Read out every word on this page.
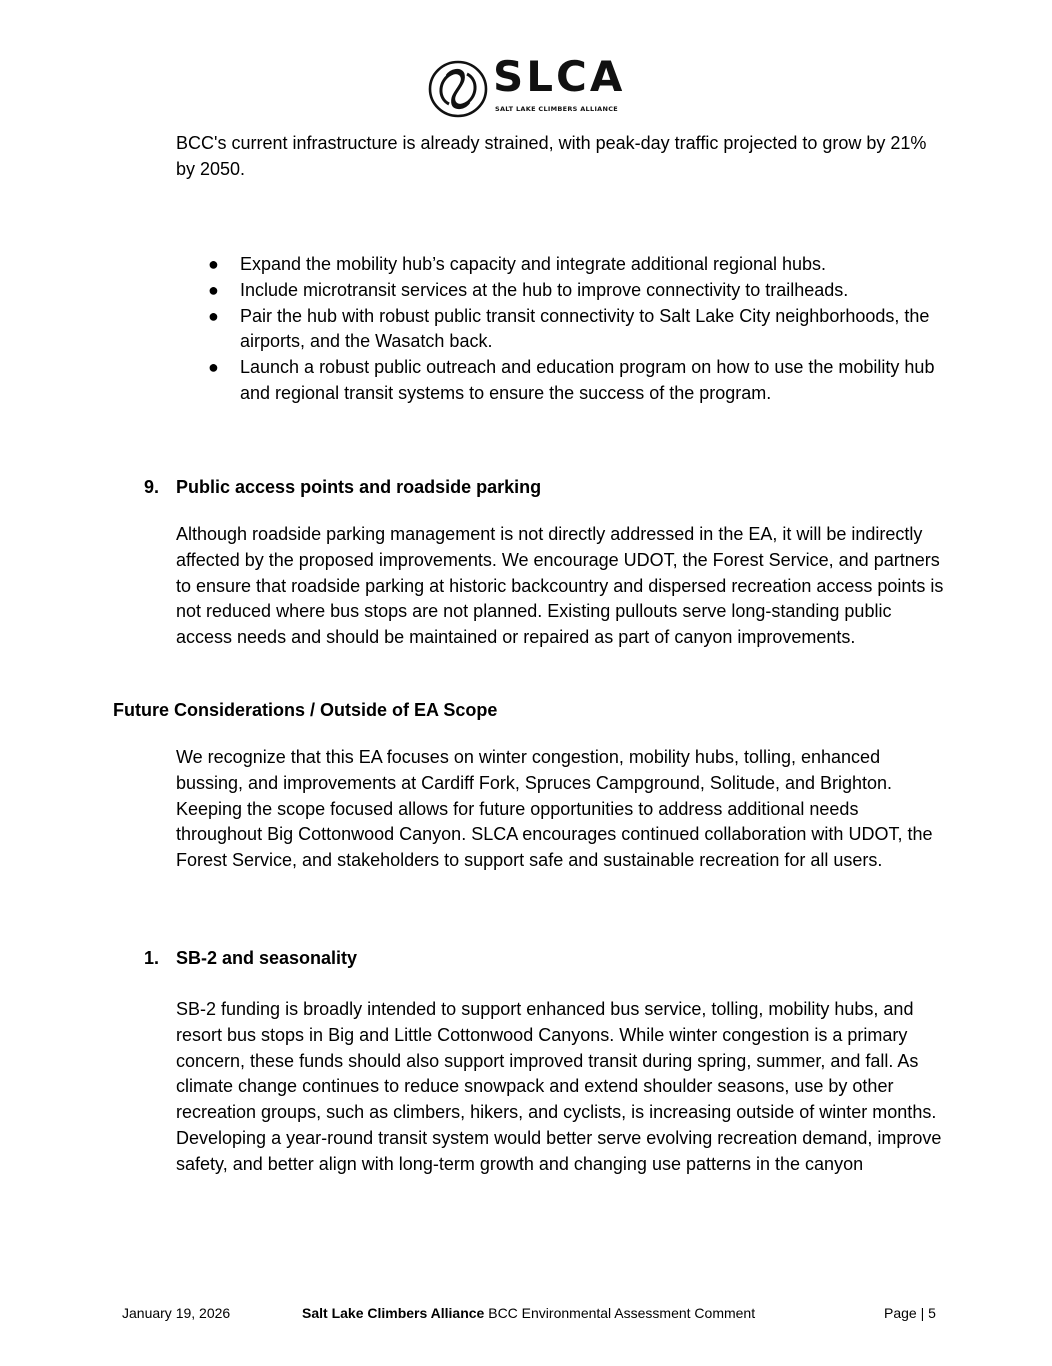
SLCA
SALT LAKE CLIMBERS ALLIANCE

BCC's current infrastructure is already strained, with peak-day traffic projected to grow by 21% by 2050.

● Expand the mobility hub’s capacity and integrate additional regional hubs.
● Include microtransit services at the hub to improve connectivity to trailheads.
● Pair the hub with robust public transit connectivity to Salt Lake City neighborhoods, the airports, and the Wasatch back.
● Launch a robust public outreach and education program on how to use the mobility hub and regional transit systems to ensure the success of the program.
9. Public access points and roadside parking

Although roadside parking management is not directly addressed in the EA, it will be indirectly affected by the proposed improvements. We encourage UDOT, the Forest Service, and partners to ensure that roadside parking at historic backcountry and dispersed recreation access points is not reduced where bus stops are not planned. Existing pullouts serve long-standing public access needs and should be maintained or repaired as part of canyon improvements.

Future Considerations / Outside of EA Scope

We recognize that this EA focuses on winter congestion, mobility hubs, tolling, enhanced bussing, and improvements at Cardiff Fork, Spruces Campground, Solitude, and Brighton. Keeping the scope focused allows for future opportunities to address additional needs throughout Big Cottonwood Canyon. SLCA encourages continued collaboration with UDOT, the Forest Service, and stakeholders to support safe and sustainable recreation for all users.

1. SB-2 and seasonality

SB-2 funding is broadly intended to support enhanced bus service, tolling, mobility hubs, and resort bus stops in Big and Little Cottonwood Canyons. While winter congestion is a primary concern, these funds should also support improved transit during spring, summer, and fall. As climate change continues to reduce snowpack and extend shoulder seasons, use by other recreation groups, such as climbers, hikers, and cyclists, is increasing outside of winter months. Developing a year-round transit system would better serve evolving recreation demand, improve safety, and better align with long-term growth and changing use patterns in the canyon

January 19, 2026	Salt Lake Climbers Alliance BCC Environmental Assessment Comment	Page | 5
